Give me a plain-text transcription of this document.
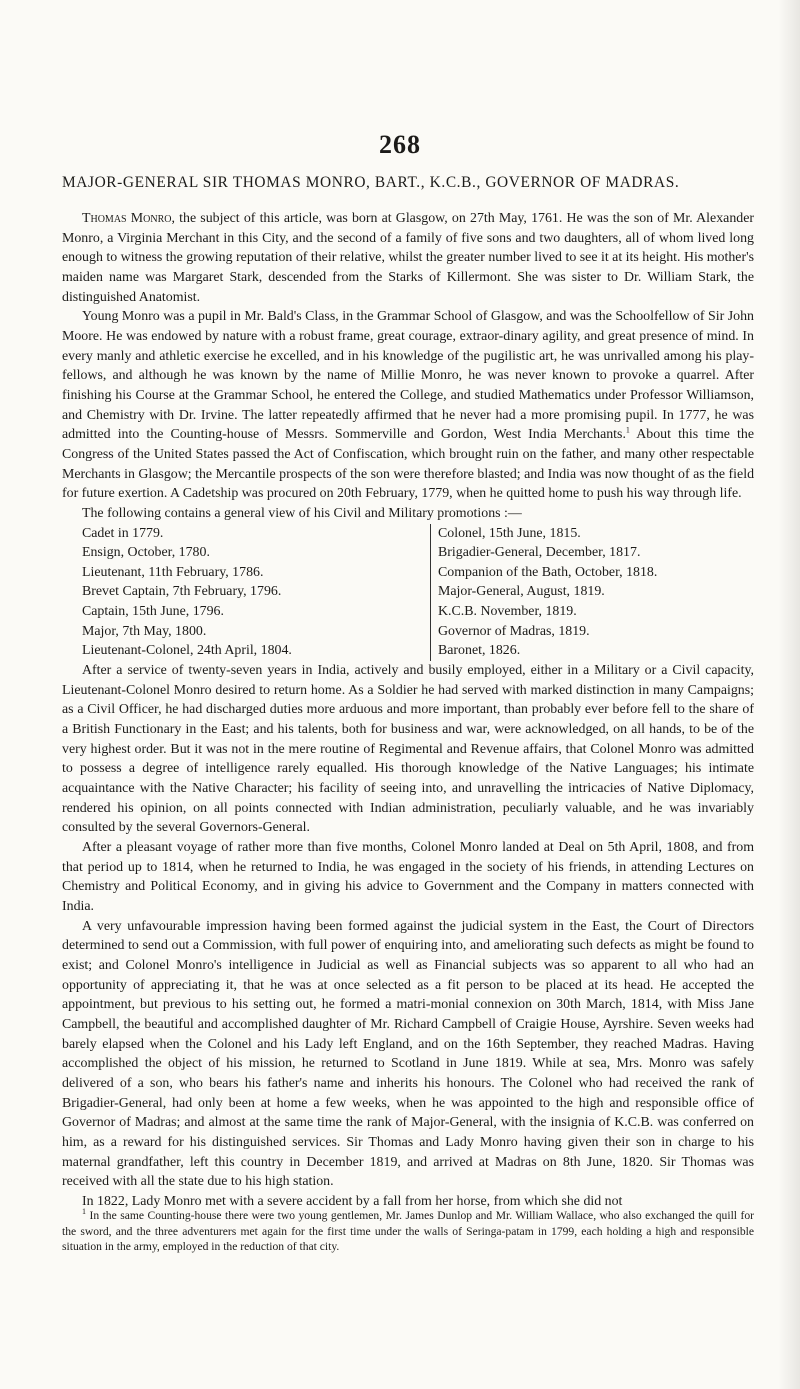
268
MAJOR-GENERAL SIR THOMAS MONRO, BART., K.C.B., GOVERNOR OF MADRAS.

Thomas Monro, the subject of this article, was born at Glasgow, on 27th May, 1761. He was the son of Mr. Alexander Monro, a Virginia Merchant in this City, and the second of a family of five sons and two daughters, all of whom lived long enough to witness the growing reputation of their relative, whilst the greater number lived to see it at its height. His mother's maiden name was Margaret Stark, descended from the Starks of Killermont. She was sister to Dr. William Stark, the distinguished Anatomist.

Young Monro was a pupil in Mr. Bald's Class, in the Grammar School of Glasgow, and was the Schoolfellow of Sir John Moore. He was endowed by nature with a robust frame, great courage, extraor-dinary agility, and great presence of mind. In every manly and athletic exercise he excelled, and in his knowledge of the pugilistic art, he was unrivalled among his play-fellows, and although he was known by the name of Millie Monro, he was never known to provoke a quarrel. After finishing his Course at the Grammar School, he entered the College, and studied Mathematics under Professor Williamson, and Chemistry with Dr. Irvine. The latter repeatedly affirmed that he never had a more promising pupil. In 1777, he was admitted into the Counting-house of Messrs. Sommerville and Gordon, West India Merchants.$^1$ About this time the Congress of the United States passed the Act of Confiscation, which brought ruin on the father, and many other respectable Merchants in Glasgow; the Mercantile prospects of the son were therefore blasted; and India was now thought of as the field for future exertion. A Cadetship was procured on 20th February, 1779, when he quitted home to push his way through life.

The following contains a general view of his Civil and Military promotions :—

Cadet in 1779.
Ensign, October, 1780.
Lieutenant, 11th February, 1786.
Brevet Captain, 7th February, 1796.
Captain, 15th June, 1796.
Major, 7th May, 1800.
Lieutenant-Colonel, 24th April, 1804.
Colonel, 15th June, 1815.
Brigadier-General, December, 1817.
Companion of the Bath, October, 1818.
Major-General, August, 1819.
K.C.B. November, 1819.
Governor of Madras, 1819.
Baronet, 1826.

After a service of twenty-seven years in India, actively and busily employed, either in a Military or a Civil capacity, Lieutenant-Colonel Monro desired to return home. As a Soldier he had served with marked distinction in many Campaigns; as a Civil Officer, he had discharged duties more arduous and more important, than probably ever before fell to the share of a British Functionary in the East; and his talents, both for business and war, were acknowledged, on all hands, to be of the very highest order. But it was not in the mere routine of Regimental and Revenue affairs, that Colonel Monro was admitted to possess a degree of intelligence rarely equalled. His thorough knowledge of the Native Languages; his intimate acquaintance with the Native Character; his facility of seeing into, and unravelling the intricacies of Native Diplomacy, rendered his opinion, on all points connected with Indian administration, peculiarly valuable, and he was invariably consulted by the several Governors-General.

After a pleasant voyage of rather more than five months, Colonel Monro landed at Deal on 5th April, 1808, and from that period up to 1814, when he returned to India, he was engaged in the society of his friends, in attending Lectures on Chemistry and Political Economy, and in giving his advice to Government and the Company in matters connected with India.

A very unfavourable impression having been formed against the judicial system in the East, the Court of Directors determined to send out a Commission, with full power of enquiring into, and ameliorating such defects as might be found to exist; and Colonel Monro's intelligence in Judicial as well as Financial subjects was so apparent to all who had an opportunity of appreciating it, that he was at once selected as a fit person to be placed at its head. He accepted the appointment, but previous to his setting out, he formed a matri-monial connexion on 30th March, 1814, with Miss Jane Campbell, the beautiful and accomplished daughter of Mr. Richard Campbell of Craigie House, Ayrshire. Seven weeks had barely elapsed when the Colonel and his Lady left England, and on the 16th September, they reached Madras. Having accomplished the object of his mission, he returned to Scotland in June 1819. While at sea, Mrs. Monro was safely delivered of a son, who bears his father's name and inherits his honours. The Colonel who had received the rank of Brigadier-General, had only been at home a few weeks, when he was appointed to the high and responsible office of Governor of Madras; and almost at the same time the rank of Major-General, with the insignia of K.C.B. was conferred on him, as a reward for his distinguished services. Sir Thomas and Lady Monro having given their son in charge to his maternal grandfather, left this country in December 1819, and arrived at Madras on 8th June, 1820. Sir Thomas was received with all the state due to his high station.

In 1822, Lady Monro met with a severe accident by a fall from her horse, from which she did not

$^1$ In the same Counting-house there were two young gentlemen, Mr. James Dunlop and Mr. William Wallace, who also exchanged the quill for the sword, and the three adventurers met again for the first time under the walls of Seringa-patam in 1799, each holding a high and responsible situation in the army, employed in the reduction of that city.
